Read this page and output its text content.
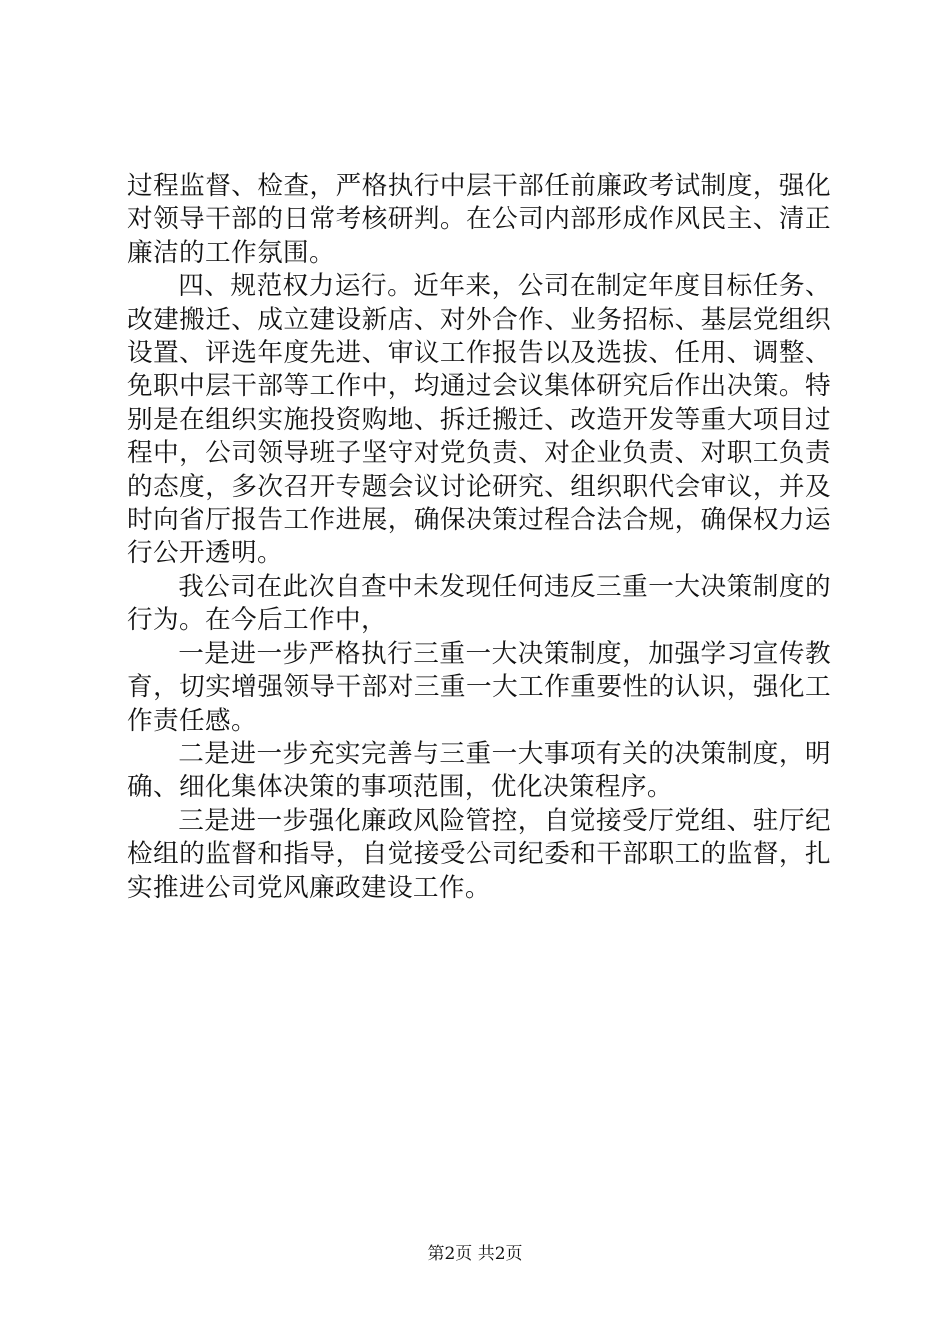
过程监督、检查，严格执行中层干部任前廉政考试制度，强化对领导干部的日常考核研判。在公司内部形成作风民主、清正廉洁的工作氛围。

四、规范权力运行。近年来，公司在制定年度目标任务、改建搬迁、成立建设新店、对外合作、业务招标、基层党组织设置、评选年度先进、审议工作报告以及选拔、任用、调整、免职中层干部等工作中，均通过会议集体研究后作出决策。特别是在组织实施投资购地、拆迁搬迁、改造开发等重大项目过程中，公司领导班子坚守对党负责、对企业负责、对职工负责的态度，多次召开专题会议讨论研究、组织职代会审议，并及时向省厅报告工作进展，确保决策过程合法合规，确保权力运行公开透明。

我公司在此次自查中未发现任何违反三重一大决策制度的行为。在今后工作中，

一是进一步严格执行三重一大决策制度，加强学习宣传教育，切实增强领导干部对三重一大工作重要性的认识，强化工作责任感。

二是进一步充实完善与三重一大事项有关的决策制度，明确、细化集体决策的事项范围，优化决策程序。

三是进一步强化廉政风险管控，自觉接受厅党组、驻厅纪检组的监督和指导，自觉接受公司纪委和干部职工的监督，扎实推进公司党风廉政建设工作。

第2页 共2页
